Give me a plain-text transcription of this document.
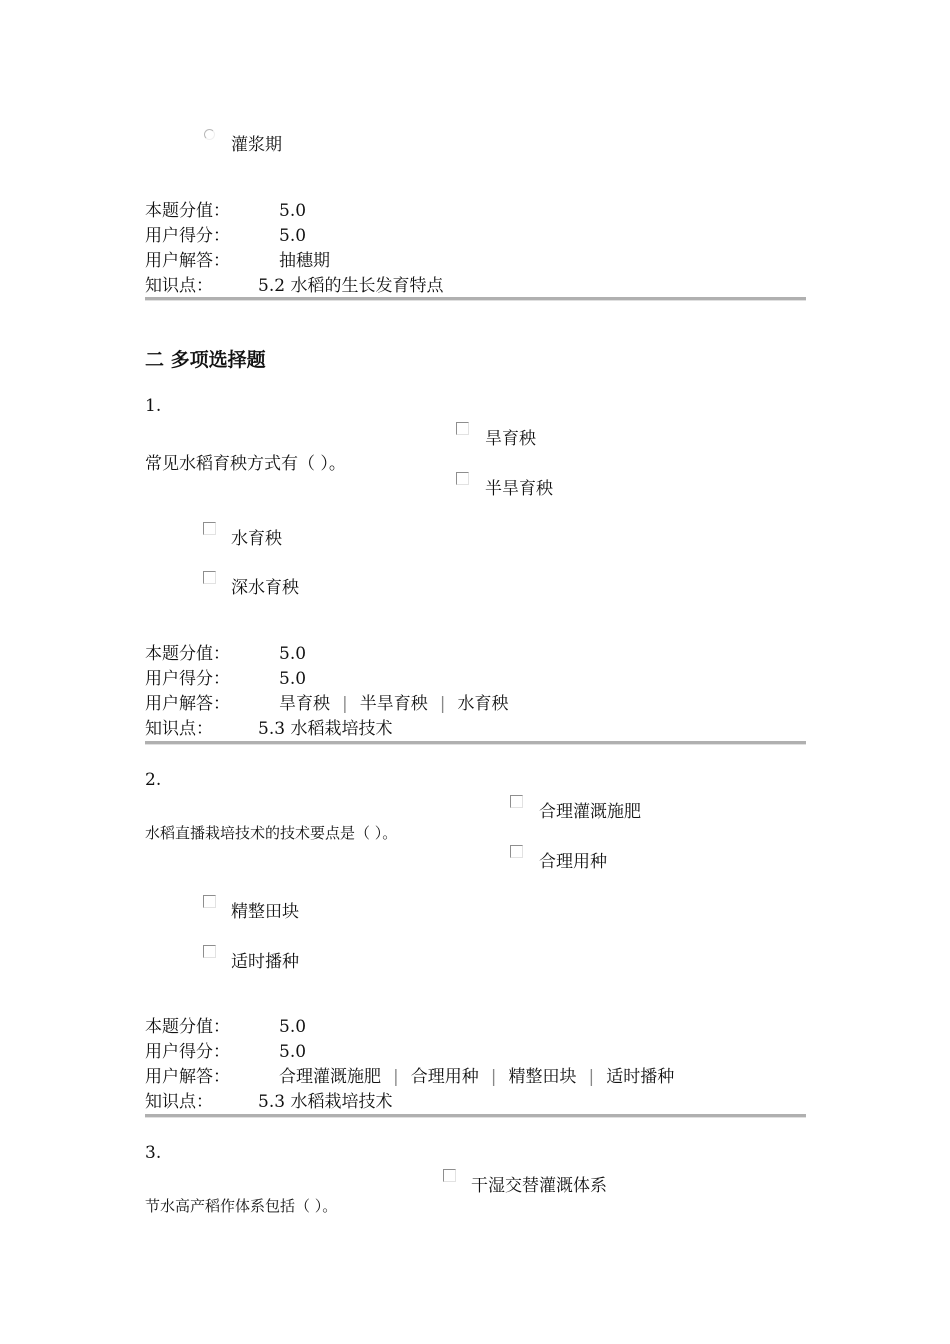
灌浆期
本题分值：	5.0
用户得分：	5.0
用户解答：	抽穗期
知识点：	5.2 水稻的生长发育特点
二 多项选择题
1.
旱育秧
常见水稻育秧方式有（ ）。
半旱育秧
水育秧
深水育秧
本题分值：	5.0
用户得分：	5.0
用户解答：	旱育秧 | 半旱育秧 | 水育秧
知识点：	5.3 水稻栽培技术
2.
合理灌溉施肥
水稻直播栽培技术的技术要点是（ ）。
合理用种
精整田块
适时播种
本题分值：	5.0
用户得分：	5.0
用户解答：	合理灌溉施肥 | 合理用种 | 精整田块 | 适时播种
知识点：	5.3 水稻栽培技术
3.
干湿交替灌溉体系
节水高产稻作体系包括（ ）。
